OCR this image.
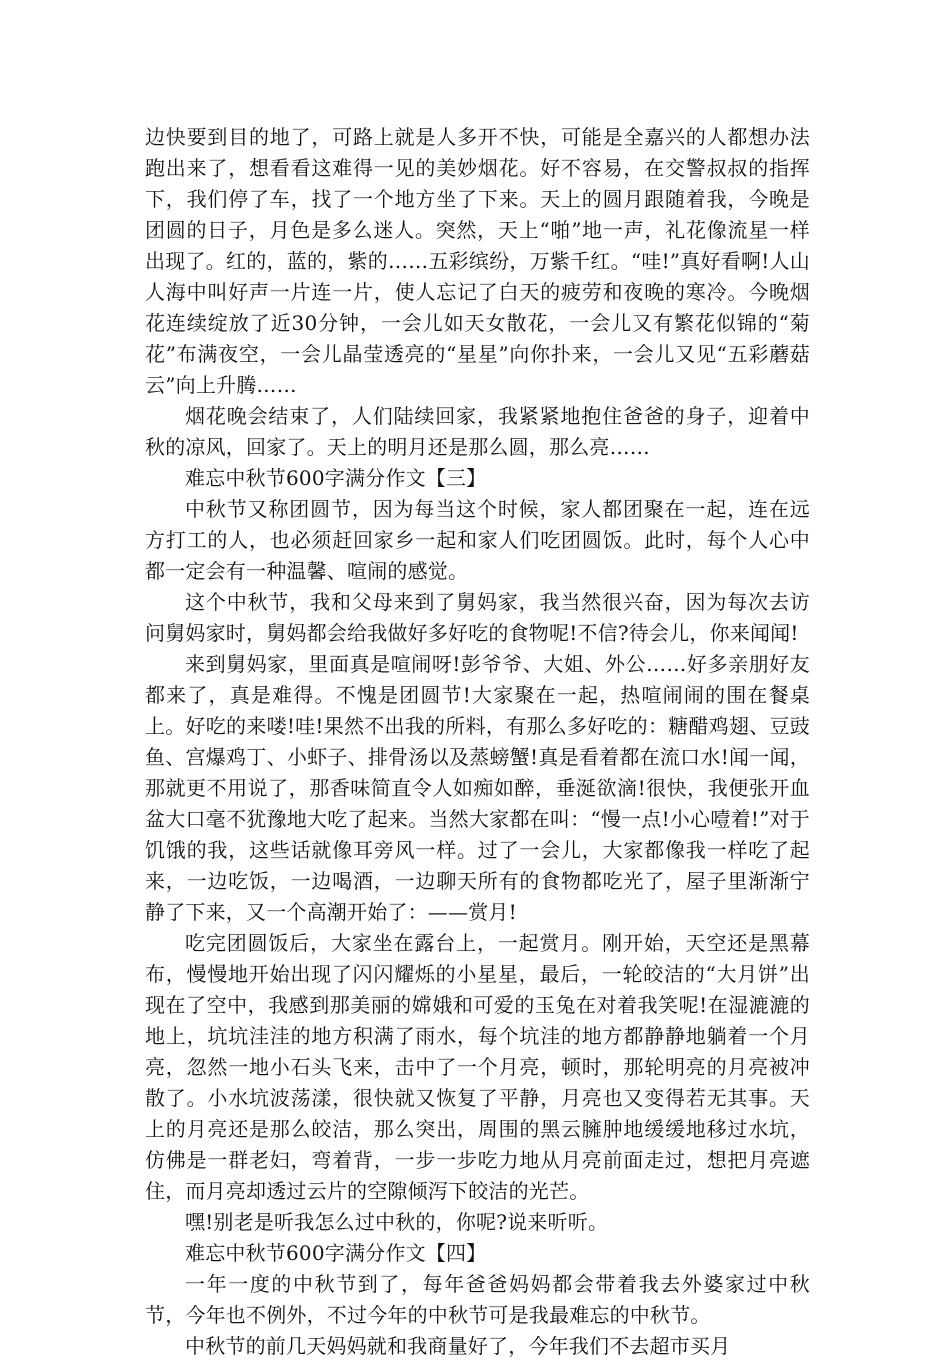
边快要到目的地了，可路上就是人多开不快，可能是全嘉兴的人都想办法跑出来了，想看看这难得一见的美妙烟花。好不容易，在交警叔叔的指挥下，我们停了车，找了一个地方坐了下来。天上的圆月跟随着我，今晚是团圆的日子，月色是多么迷人。突然，天上“啪”地一声，礼花像流星一样出现了。红的，蓝的，紫的……五彩缤纷，万紫千红。“哇!”真好看啊!人山人海中叫好声一片连一片，使人忘记了白天的疲劳和夜晚的寒冷。今晚烟花连续绽放了近30分钟，一会儿如天女散花，一会儿又有繁花似锦的“菊花”布满夜空，一会儿晶莹透亮的“星星”向你扑来，一会儿又见“五彩蘑菇云”向上升腾……

烟花晚会结束了，人们陆续回家，我紧紧地抱住爸爸的身子，迎着中秋的凉风，回家了。天上的明月还是那么圆，那么亮……

难忘中秋节600字满分作文【三】

中秋节又称团圆节，因为每当这个时候，家人都团聚在一起，连在远方打工的人，也必须赶回家乡一起和家人们吃团圆饭。此时，每个人心中都一定会有一种温馨、喧闹的感觉。

这个中秋节，我和父母来到了舅妈家，我当然很兴奋，因为每次去访问舅妈家时，舅妈都会给我做好多好吃的食物呢!不信?待会儿，你来闻闻!

来到舅妈家，里面真是喧闹呀!彭爷爷、大姐、外公……好多亲朋好友都来了，真是难得。不愧是团圆节!大家聚在一起，热喧闹闹的围在餐桌上。好吃的来喽!哇!果然不出我的所料，有那么多好吃的：糖醋鸡翅、豆豉鱼、宫爆鸡丁、小虾子、排骨汤以及蒸螃蟹!真是看着都在流口水!闻一闻，那就更不用说了，那香味简直令人如痴如醉，垂涎欲滴!很快，我便张开血盆大口毫不犹豫地大吃了起来。当然大家都在叫：“慢一点!小心噎着!”对于饥饿的我，这些话就像耳旁风一样。过了一会儿，大家都像我一样吃了起来，一边吃饭，一边喝酒，一边聊天所有的食物都吃光了，屋子里渐渐宁静了下来，又一个高潮开始了：——赏月!

吃完团圆饭后，大家坐在露台上，一起赏月。刚开始，天空还是黑幕布，慢慢地开始出现了闪闪耀烁的小星星，最后，一轮皎洁的“大月饼”出现在了空中，我感到那美丽的嫦娥和可爱的玉兔在对着我笑呢!在湿漉漉的地上，坑坑洼洼的地方积满了雨水，每个坑洼的地方都静静地躺着一个月亮，忽然一地小石头飞来，击中了一个月亮，顿时，那轮明亮的月亮被冲散了。小水坑波荡漾，很快就又恢复了平静，月亮也又变得若无其事。天上的月亮还是那么皎洁，那么突出，周围的黑云臃肿地缓缓地移过水坑，仿佛是一群老妇，弯着背，一步一步吃力地从月亮前面走过，想把月亮遮住，而月亮却透过云片的空隙倾泻下皎洁的光芒。

嘿!别老是听我怎么过中秋的，你呢?说来听听。

难忘中秋节600字满分作文【四】

一年一度的中秋节到了，每年爸爸妈妈都会带着我去外婆家过中秋节，今年也不例外，不过今年的中秋节可是我最难忘的中秋节。

中秋节的前几天妈妈就和我商量好了，今年我们不去超市买月
